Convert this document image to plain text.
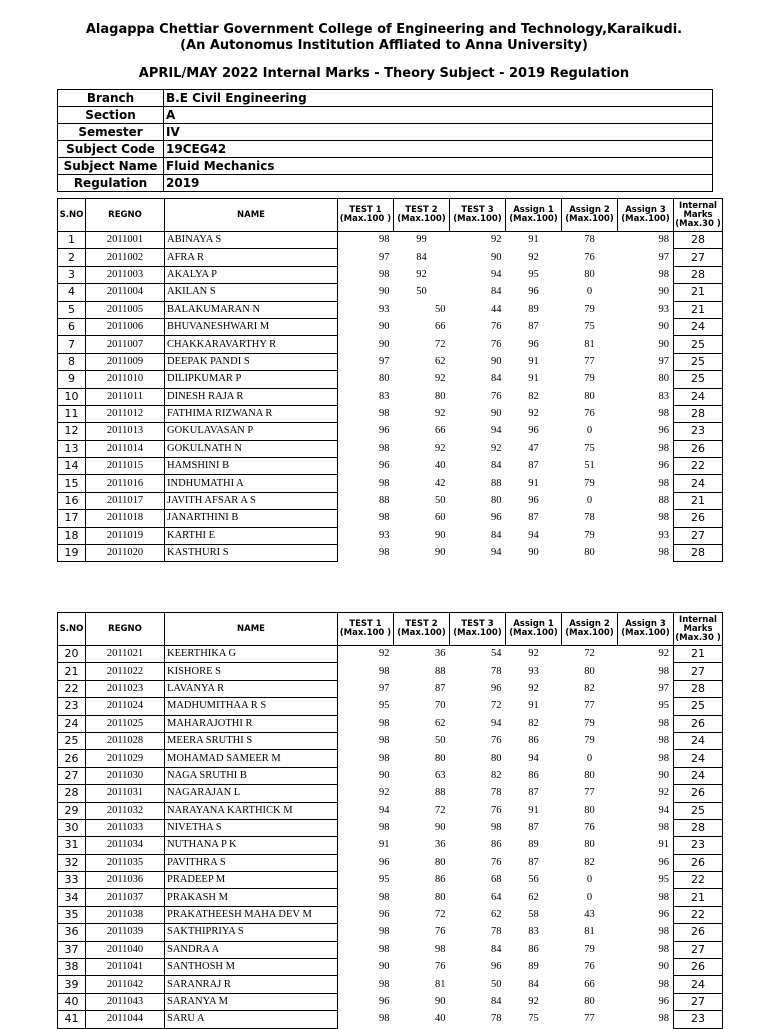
Alagappa Chettiar Government College of Engineering and Technology,Karaikudi.
(An Autonomus Institution Affliated to Anna University)
APRIL/MAY 2022 Internal Marks - Theory Subject - 2019 Regulation
Branch	B.E Civil Engineering
Section	A
Semester	IV
Subject Code	19CEG42
Subject Name	Fluid Mechanics
Regulation	2019
S.NO	REGNO	NAME	TEST 1 (Max.100 )	TEST 2 (Max.100)	TEST 3 (Max.100)	Assign 1 (Max.100)	Assign 2 (Max.100)	Assign 3 (Max.100)	Internal Marks (Max.30 )
1	2011001	ABINAYA S	98	99	92	91	78	98	28
2	2011002	AFRA R	97	84	90	92	76	97	27
3	2011003	AKALYA P	98	92	94	95	80	98	28
4	2011004	AKILAN S	90	50	84	96	0	90	21
5	2011005	BALAKUMARAN N	93	50	44	89	79	93	21
6	2011006	BHUVANESHWARI M	90	66	76	87	75	90	24
7	2011007	CHAKKARAVARTHY R	90	72	76	96	81	90	25
8	2011009	DEEPAK PANDI S	97	62	90	91	77	97	25
9	2011010	DILIPKUMAR P	80	92	84	91	79	80	25
10	2011011	DINESH RAJA R	83	80	76	82	80	83	24
11	2011012	FATHIMA RIZWANA R	98	92	90	92	76	98	28
12	2011013	GOKULAVASAN P	96	66	94	96	0	96	23
13	2011014	GOKULNATH N	98	92	92	47	75	98	26
14	2011015	HAMSHINI B	96	40	84	87	51	96	22
15	2011016	INDHUMATHI A	98	42	88	91	79	98	24
16	2011017	JAVITH AFSAR A S	88	50	80	96	0	88	21
17	2011018	JANARTHINI B	98	60	96	87	78	98	26
18	2011019	KARTHI E	93	90	84	94	79	93	27
19	2011020	KASTHURI S	98	90	94	90	80	98	28
S.NO	REGNO	NAME	TEST 1 (Max.100 )	TEST 2 (Max.100)	TEST 3 (Max.100)	Assign 1 (Max.100)	Assign 2 (Max.100)	Assign 3 (Max.100)	Internal Marks (Max.30 )
20	2011021	KEERTHIKA G	92	36	54	92	72	92	21
21	2011022	KISHORE S	98	88	78	93	80	98	27
22	2011023	LAVANYA R	97	87	96	92	82	97	28
23	2011024	MADHUMITHAA R S	95	70	72	91	77	95	25
24	2011025	MAHARAJOTHI R	98	62	94	82	79	98	26
25	2011028	MEERA SRUTHI S	98	50	76	86	79	98	24
26	2011029	MOHAMAD SAMEER M	98	80	80	94	0	98	24
27	2011030	NAGA SRUTHI B	90	63	82	86	80	90	24
28	2011031	NAGARAJAN L	92	88	78	87	77	92	26
29	2011032	NARAYANA KARTHICK M	94	72	76	91	80	94	25
30	2011033	NIVETHA S	98	90	98	87	76	98	28
31	2011034	NUTHANA P K	91	36	86	89	80	91	23
32	2011035	PAVITHRA S	96	80	76	87	82	96	26
33	2011036	PRADEEP M	95	86	68	56	0	95	22
34	2011037	PRAKASH M	98	80	64	62	0	98	21
35	2011038	PRAKATHEESH MAHA DEV M	96	72	62	58	43	96	22
36	2011039	SAKTHIPRIYA S	98	76	78	83	81	98	26
37	2011040	SANDRA A	98	98	84	86	79	98	27
38	2011041	SANTHOSH M	90	76	96	89	76	90	26
39	2011042	SARANRAJ R	98	81	50	84	66	98	24
40	2011043	SARANYA M	96	90	84	92	80	96	27
41	2011044	SARU A	98	40	78	75	77	98	23
